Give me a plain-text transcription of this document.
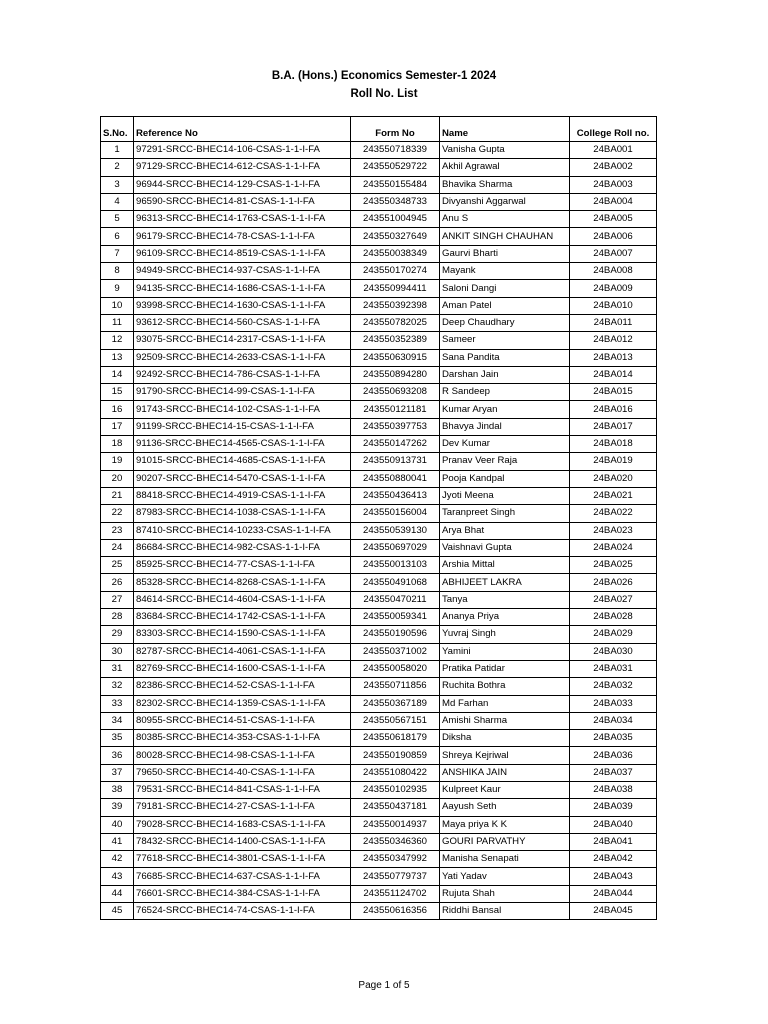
B.A. (Hons.) Economics Semester-1 2024
Roll No. List
S.No.	Reference No	Form No	Name	College Roll no.
1	97291-SRCC-BHEC14-106-CSAS-1-1-I-FA	243550718339	Vanisha Gupta	24BA001
2	97129-SRCC-BHEC14-612-CSAS-1-1-I-FA	243550529722	Akhil Agrawal	24BA002
3	96944-SRCC-BHEC14-129-CSAS-1-1-I-FA	243550155484	Bhavika Sharma	24BA003
4	96590-SRCC-BHEC14-81-CSAS-1-1-I-FA	243550348733	Divyanshi Aggarwal	24BA004
5	96313-SRCC-BHEC14-1763-CSAS-1-1-I-FA	243551004945	Anu S	24BA005
6	96179-SRCC-BHEC14-78-CSAS-1-1-I-FA	243550327649	ANKIT SINGH CHAUHAN	24BA006
7	96109-SRCC-BHEC14-8519-CSAS-1-1-I-FA	243550038349	Gaurvi Bharti	24BA007
8	94949-SRCC-BHEC14-937-CSAS-1-1-I-FA	243550170274	Mayank	24BA008
9	94135-SRCC-BHEC14-1686-CSAS-1-1-I-FA	243550994411	Saloni Dangi	24BA009
10	93998-SRCC-BHEC14-1630-CSAS-1-1-I-FA	243550392398	Aman Patel	24BA010
11	93612-SRCC-BHEC14-560-CSAS-1-1-I-FA	243550782025	Deep Chaudhary	24BA011
12	93075-SRCC-BHEC14-2317-CSAS-1-1-I-FA	243550352389	Sameer	24BA012
13	92509-SRCC-BHEC14-2633-CSAS-1-1-I-FA	243550630915	Sana Pandita	24BA013
14	92492-SRCC-BHEC14-786-CSAS-1-1-I-FA	243550894280	Darshan Jain	24BA014
15	91790-SRCC-BHEC14-99-CSAS-1-1-I-FA	243550693208	R Sandeep	24BA015
16	91743-SRCC-BHEC14-102-CSAS-1-1-I-FA	243550121181	Kumar Aryan	24BA016
17	91199-SRCC-BHEC14-15-CSAS-1-1-I-FA	243550397753	Bhavya Jindal	24BA017
18	91136-SRCC-BHEC14-4565-CSAS-1-1-I-FA	243550147262	Dev Kumar	24BA018
19	91015-SRCC-BHEC14-4685-CSAS-1-1-I-FA	243550913731	Pranav Veer Raja	24BA019
20	90207-SRCC-BHEC14-5470-CSAS-1-1-I-FA	243550880041	Pooja Kandpal	24BA020
21	88418-SRCC-BHEC14-4919-CSAS-1-1-I-FA	243550436413	Jyoti Meena	24BA021
22	87983-SRCC-BHEC14-1038-CSAS-1-1-I-FA	243550156004	Taranpreet Singh	24BA022
23	87410-SRCC-BHEC14-10233-CSAS-1-1-I-FA	243550539130	Arya Bhat	24BA023
24	86684-SRCC-BHEC14-982-CSAS-1-1-I-FA	243550697029	Vaishnavi Gupta	24BA024
25	85925-SRCC-BHEC14-77-CSAS-1-1-I-FA	243550013103	Arshia Mittal	24BA025
26	85328-SRCC-BHEC14-8268-CSAS-1-1-I-FA	243550491068	ABHIJEET LAKRA	24BA026
27	84614-SRCC-BHEC14-4604-CSAS-1-1-I-FA	243550470211	Tanya	24BA027
28	83684-SRCC-BHEC14-1742-CSAS-1-1-I-FA	243550059341	Ananya Priya	24BA028
29	83303-SRCC-BHEC14-1590-CSAS-1-1-I-FA	243550190596	Yuvraj Singh	24BA029
30	82787-SRCC-BHEC14-4061-CSAS-1-1-I-FA	243550371002	Yamini	24BA030
31	82769-SRCC-BHEC14-1600-CSAS-1-1-I-FA	243550058020	Pratika Patidar	24BA031
32	82386-SRCC-BHEC14-52-CSAS-1-1-I-FA	243550711856	Ruchita Bothra	24BA032
33	82302-SRCC-BHEC14-1359-CSAS-1-1-I-FA	243550367189	Md Farhan	24BA033
34	80955-SRCC-BHEC14-51-CSAS-1-1-I-FA	243550567151	Amishi Sharma	24BA034
35	80385-SRCC-BHEC14-353-CSAS-1-1-I-FA	243550618179	Diksha	24BA035
36	80028-SRCC-BHEC14-98-CSAS-1-1-I-FA	243550190859	Shreya Kejriwal	24BA036
37	79650-SRCC-BHEC14-40-CSAS-1-1-I-FA	243551080422	ANSHIKA JAIN	24BA037
38	79531-SRCC-BHEC14-841-CSAS-1-1-I-FA	243550102935	Kulpreet Kaur	24BA038
39	79181-SRCC-BHEC14-27-CSAS-1-1-I-FA	243550437181	Aayush Seth	24BA039
40	79028-SRCC-BHEC14-1683-CSAS-1-1-I-FA	243550014937	Maya priya K K	24BA040
41	78432-SRCC-BHEC14-1400-CSAS-1-1-I-FA	243550346360	GOURI PARVATHY	24BA041
42	77618-SRCC-BHEC14-3801-CSAS-1-1-I-FA	243550347992	Manisha Senapati	24BA042
43	76685-SRCC-BHEC14-637-CSAS-1-1-I-FA	243550779737	Yati Yadav	24BA043
44	76601-SRCC-BHEC14-384-CSAS-1-1-I-FA	243551124702	Rujuta Shah	24BA044
45	76524-SRCC-BHEC14-74-CSAS-1-1-I-FA	243550616356	Riddhi Bansal	24BA045
Page 1 of 5
